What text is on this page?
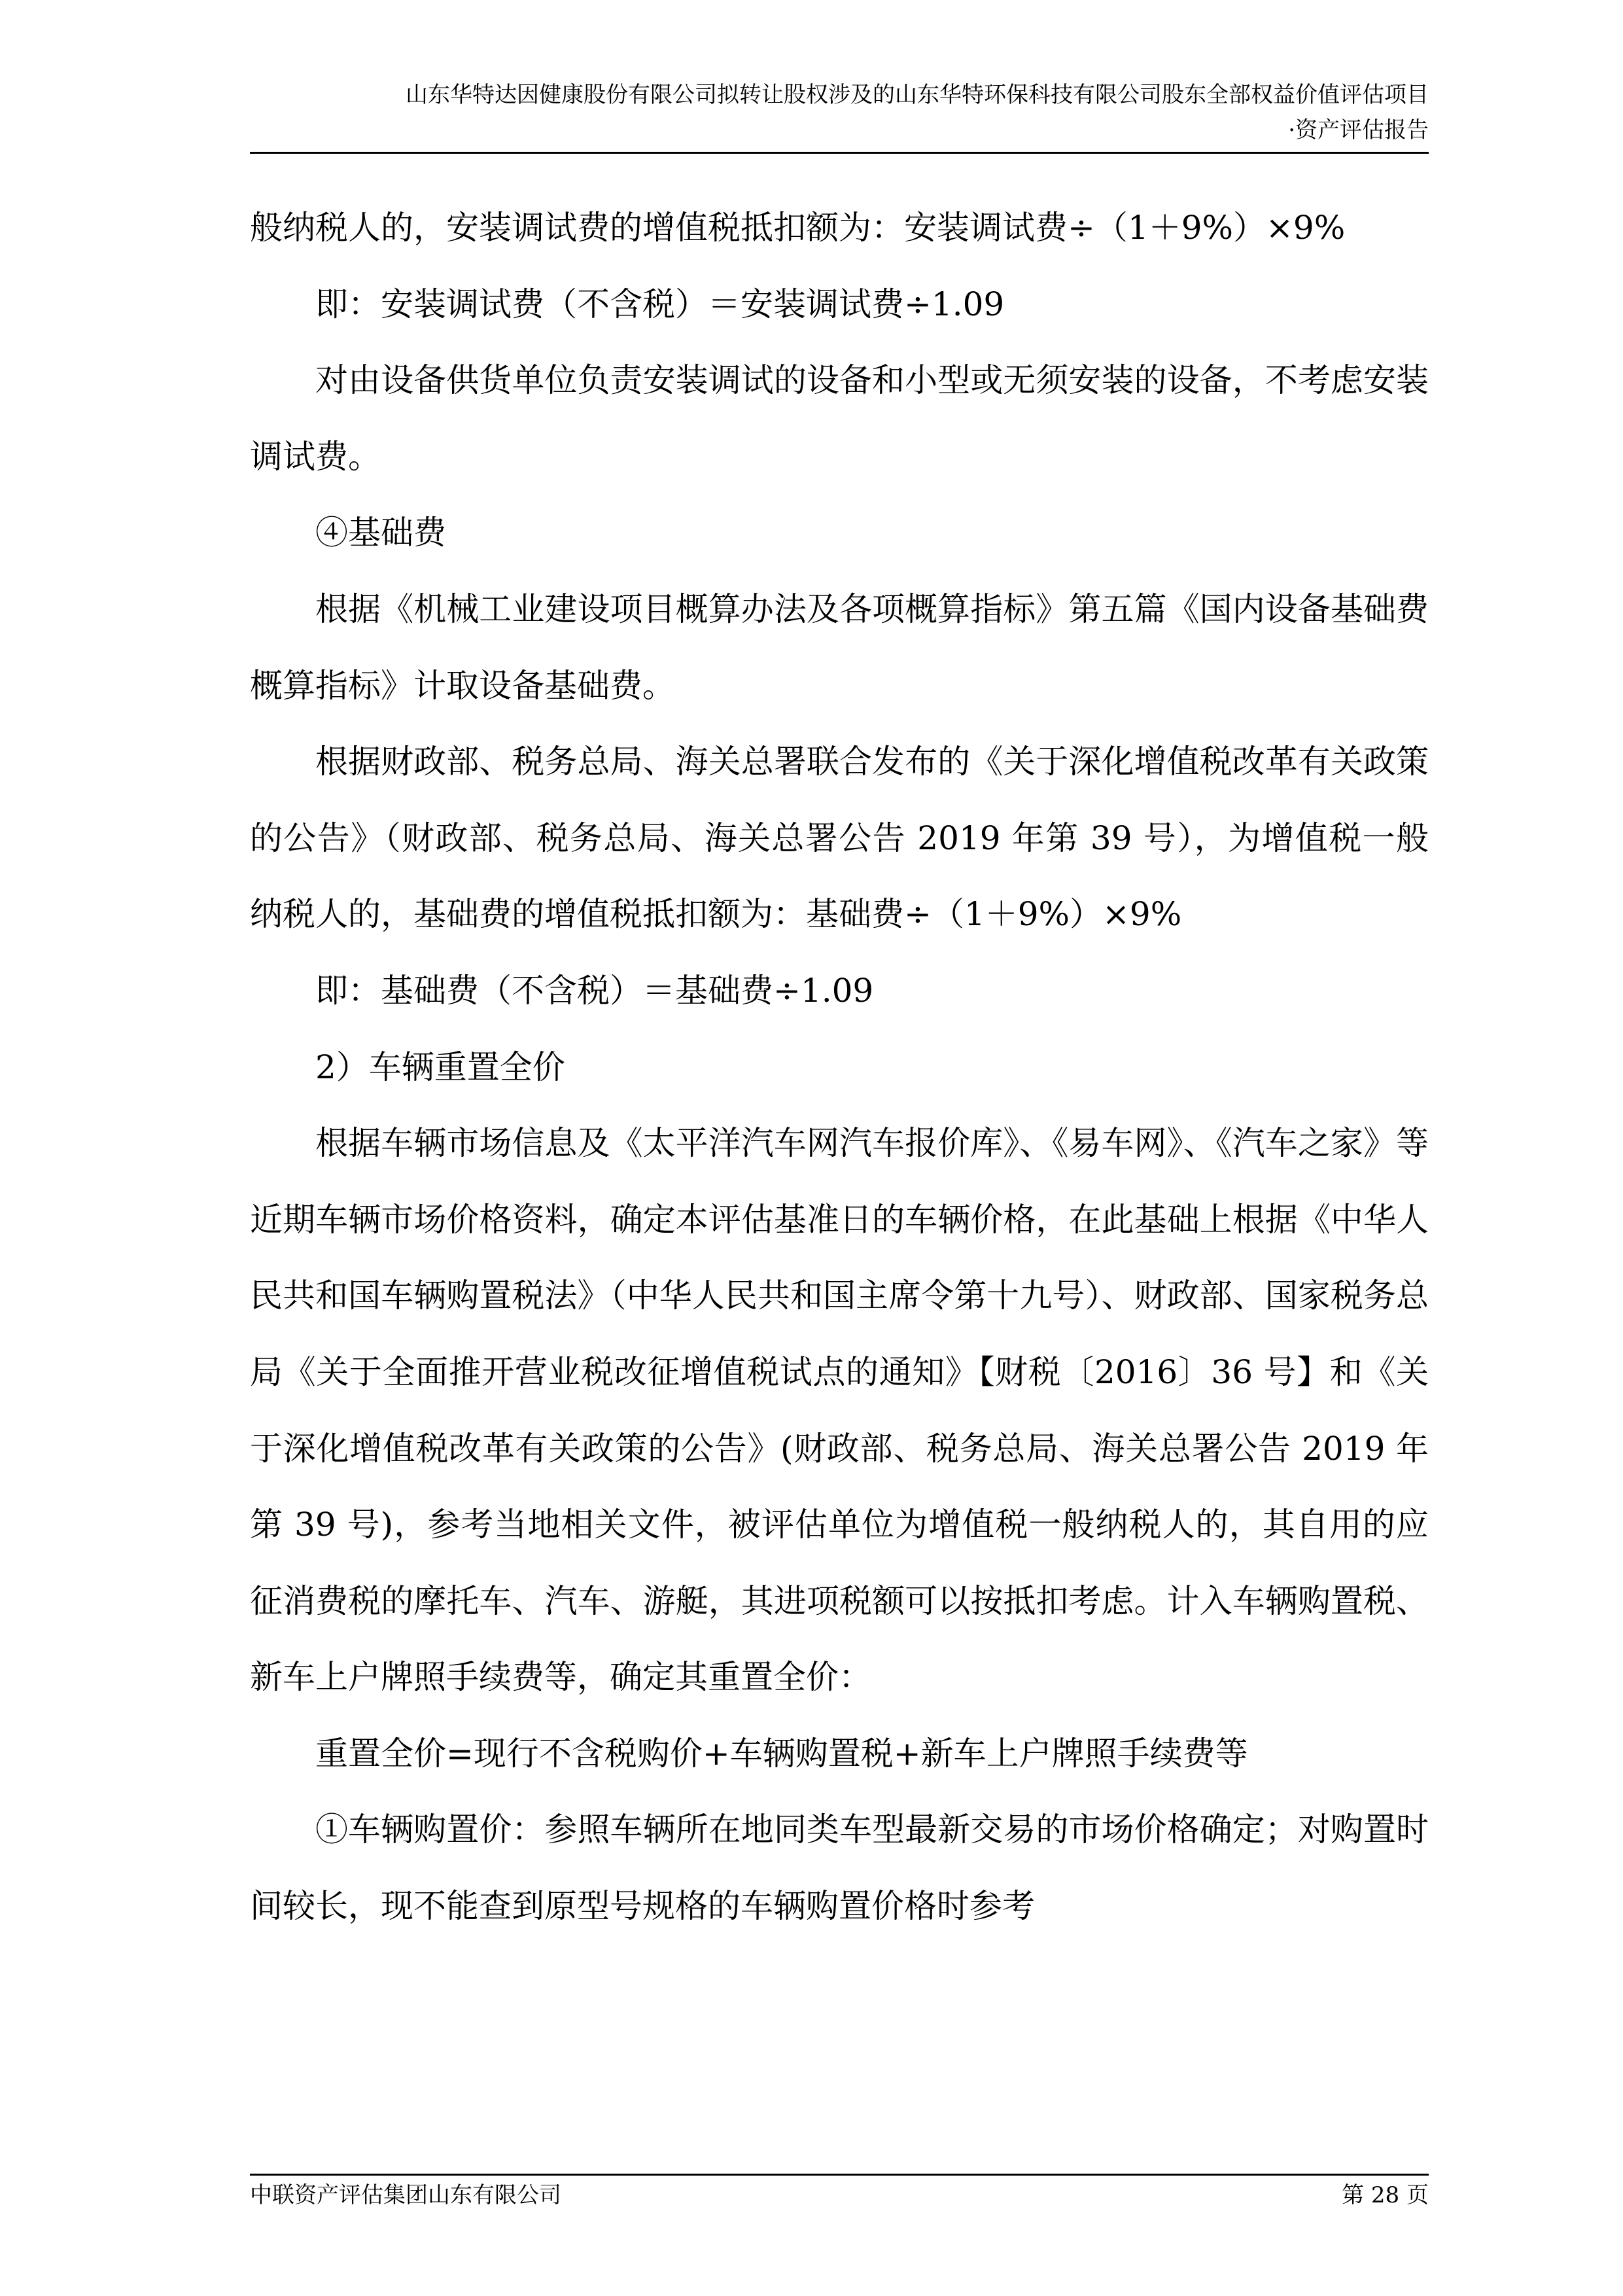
山东华特达因健康股份有限公司拟转让股权涉及的山东华特环保科技有限公司股东全部权益价值评估项目
·资产评估报告

般纳税人的，安装调试费的增值税抵扣额为：安装调试费÷（1＋9%）×9%

即：安装调试费（不含税）＝安装调试费÷1.09

对由设备供货单位负责安装调试的设备和小型或无须安装的设备，不考虑安装调试费。

④基础费

根据《机械工业建设项目概算办法及各项概算指标》第五篇《国内设备基础费概算指标》计取设备基础费。

根据财政部、税务总局、海关总署联合发布的《关于深化增值税改革有关政策的公告》（财政部、税务总局、海关总署公告 2019 年第 39 号），为增值税一般纳税人的，基础费的增值税抵扣额为：基础费÷（1＋9%）×9%

即：基础费（不含税）＝基础费÷1.09

2）车辆重置全价

根据车辆市场信息及《太平洋汽车网汽车报价库》、《易车网》、《汽车之家》等近期车辆市场价格资料，确定本评估基准日的车辆价格，在此基础上根据《中华人民共和国车辆购置税法》（中华人民共和国主席令第十九号）、财政部、国家税务总局《关于全面推开营业税改征增值税试点的通知》【财税〔2016〕36 号】和《关于深化增值税改革有关政策的公告》(财政部、税务总局、海关总署公告 2019 年第 39 号)，参考当地相关文件，被评估单位为增值税一般纳税人的，其自用的应征消费税的摩托车、汽车、游艇，其进项税额可以按抵扣考虑。计入车辆购置税、新车上户牌照手续费等，确定其重置全价：

重置全价=现行不含税购价+车辆购置税+新车上户牌照手续费等

①车辆购置价：参照车辆所在地同类车型最新交易的市场价格确定；对购置时间较长，现不能查到原型号规格的车辆购置价格时参考

中联资产评估集团山东有限公司	第 28 页
